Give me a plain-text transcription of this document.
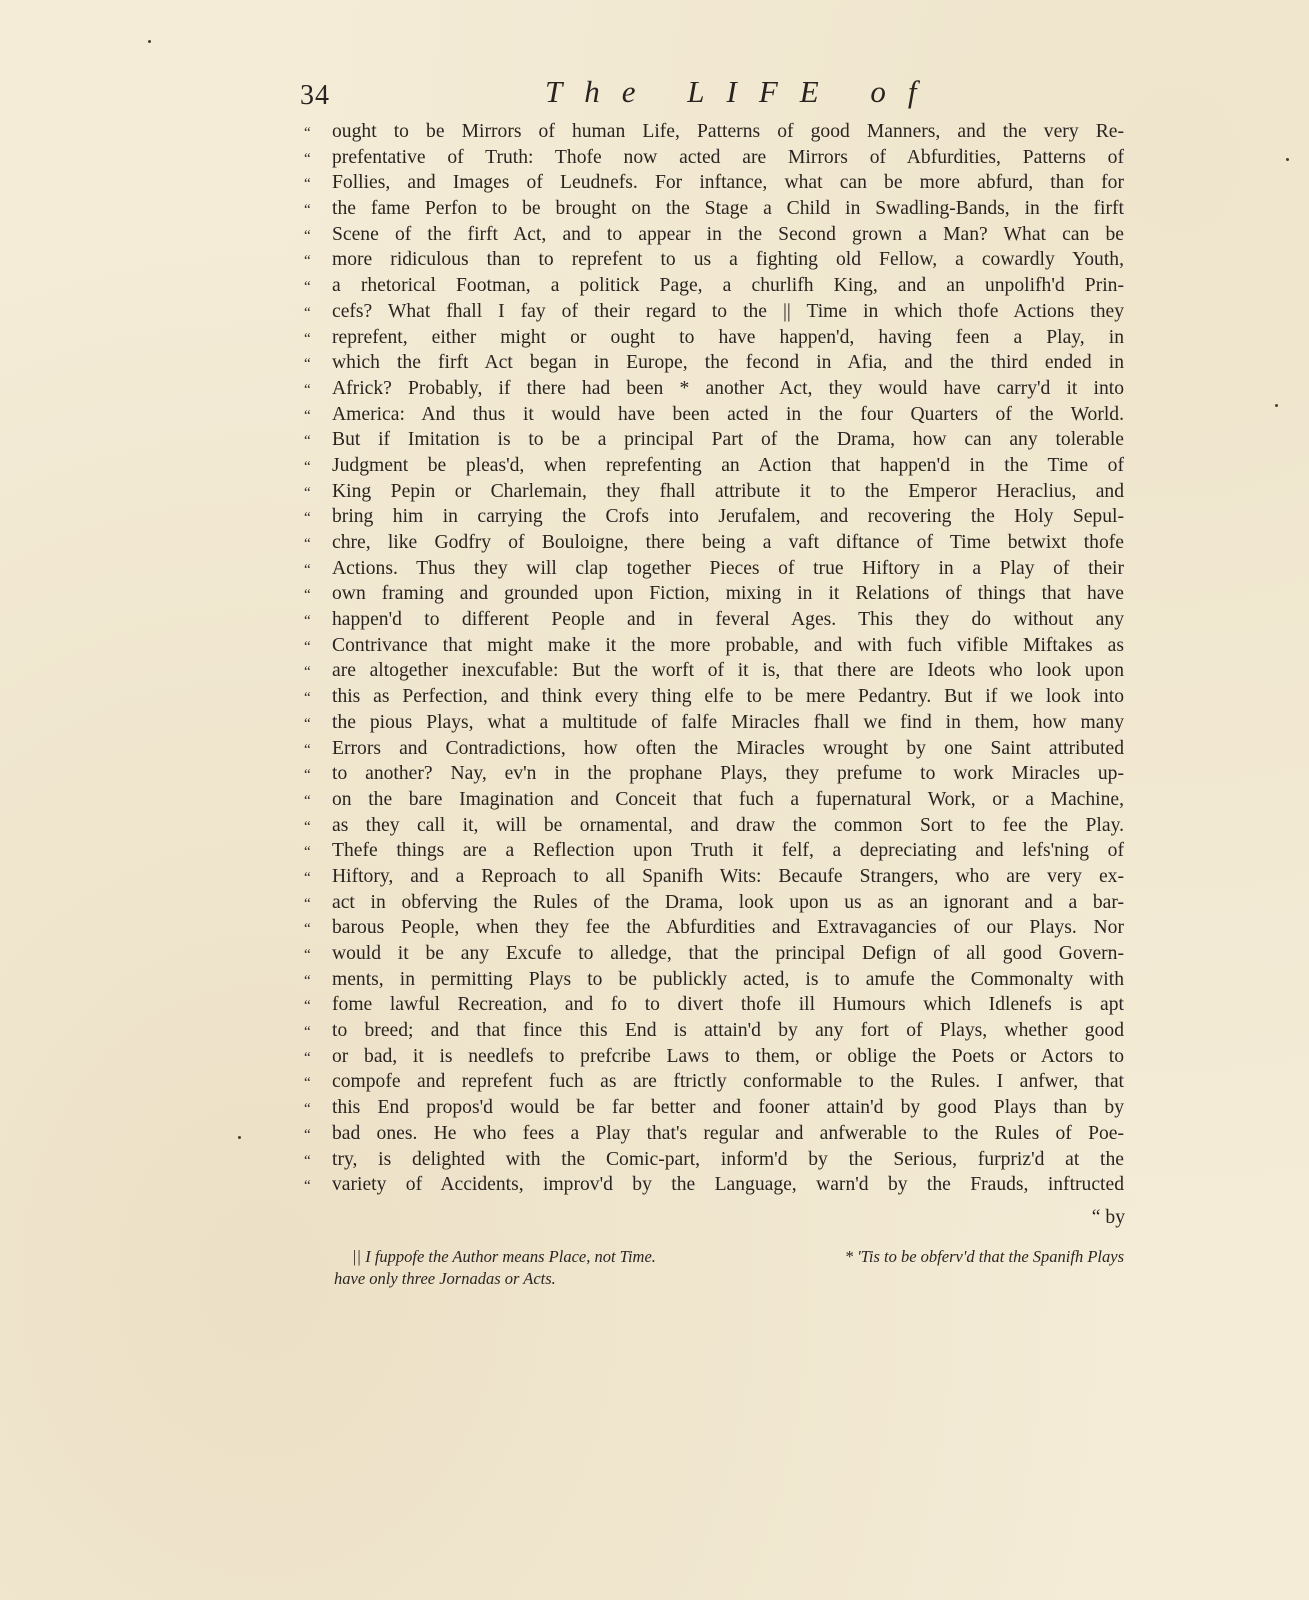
34	The LIFE of
“	ought to be Mirrors of human Life, Patterns of good Manners, and the very Re-
“	prefentative of Truth: Thofe now acted are Mirrors of Abfurdities, Patterns of
“	Follies, and Images of Leudnefs. For inftance, what can be more abfurd, than for
“	the fame Perfon to be brought on the Stage a Child in Swadling-Bands, in the firft
“	Scene of the firft Act, and to appear in the Second grown a Man? What can be
“	more ridiculous than to reprefent to us a fighting old Fellow, a cowardly Youth,
“	a rhetorical Footman, a politick Page, a churlifh King, and an unpolifh'd Prin-
“	cefs? What fhall I fay of their regard to the || Time in which thofe Actions they
“	reprefent, either might or ought to have happen'd, having feen a Play, in
“	which the firft Act began in Europe, the fecond in Afia, and the third ended in
“	Africk? Probably, if there had been * another Act, they would have carry'd it into
“	America: And thus it would have been acted in the four Quarters of the World.
“	But if Imitation is to be a principal Part of the Drama, how can any tolerable
“	Judgment be pleas'd, when reprefenting an Action that happen'd in the Time of
“	King Pepin or Charlemain, they fhall attribute it to the Emperor Heraclius, and
“	bring him in carrying the Crofs into Jerufalem, and recovering the Holy Sepul-
“	chre, like Godfry of Bouloigne, there being a vaft diftance of Time betwixt thofe
“	Actions. Thus they will clap together Pieces of true Hiftory in a Play of their
“	own framing and grounded upon Fiction, mixing in it Relations of things that have
“	happen'd to different People and in feveral Ages. This they do without any
“	Contrivance that might make it the more probable, and with fuch vifible Miftakes as
“	are altogether inexcufable: But the worft of it is, that there are Ideots who look upon
“	this as Perfection, and think every thing elfe to be mere Pedantry. But if we look into
“	the pious Plays, what a multitude of falfe Miracles fhall we find in them, how many
“	Errors and Contradictions, how often the Miracles wrought by one Saint attributed
“	to another? Nay, ev'n in the prophane Plays, they prefume to work Miracles up-
“	on the bare Imagination and Conceit that fuch a fupernatural Work, or a Machine,
“	as they call it, will be ornamental, and draw the common Sort to fee the Play.
“	Thefe things are a Reflection upon Truth it felf, a depreciating and lefs'ning of
“	Hiftory, and a Reproach to all Spanifh Wits: Becaufe Strangers, who are very ex-
“	act in obferving the Rules of the Drama, look upon us as an ignorant and a bar-
“	barous People, when they fee the Abfurdities and Extravagancies of our Plays. Nor
“	would it be any Excufe to alledge, that the principal Defign of all good Govern-
“	ments, in permitting Plays to be publickly acted, is to amufe the Commonalty with
“	fome lawful Recreation, and fo to divert thofe ill Humours which Idlenefs is apt
“	to breed; and that fince this End is attain'd by any fort of Plays, whether good
“	or bad, it is needlefs to prefcribe Laws to them, or oblige the Poets or Actors to
“	compofe and reprefent fuch as are ftrictly conformable to the Rules. I anfwer, that
“	this End propos'd would be far better and fooner attain'd by good Plays than by
“	bad ones. He who fees a Play that's regular and anfwerable to the Rules of Poe-
“	try, is delighted with the Comic-part, inform'd by the Serious, furpriz'd at the
“	variety of Accidents, improv'd by the Language, warn'd by the Frauds, inftructed
“ by
|| I fuppofe the Author means Place, not Time.	* 'Tis to be obferv'd that the Spanifh Plays
have only three Jornadas or Acts.
